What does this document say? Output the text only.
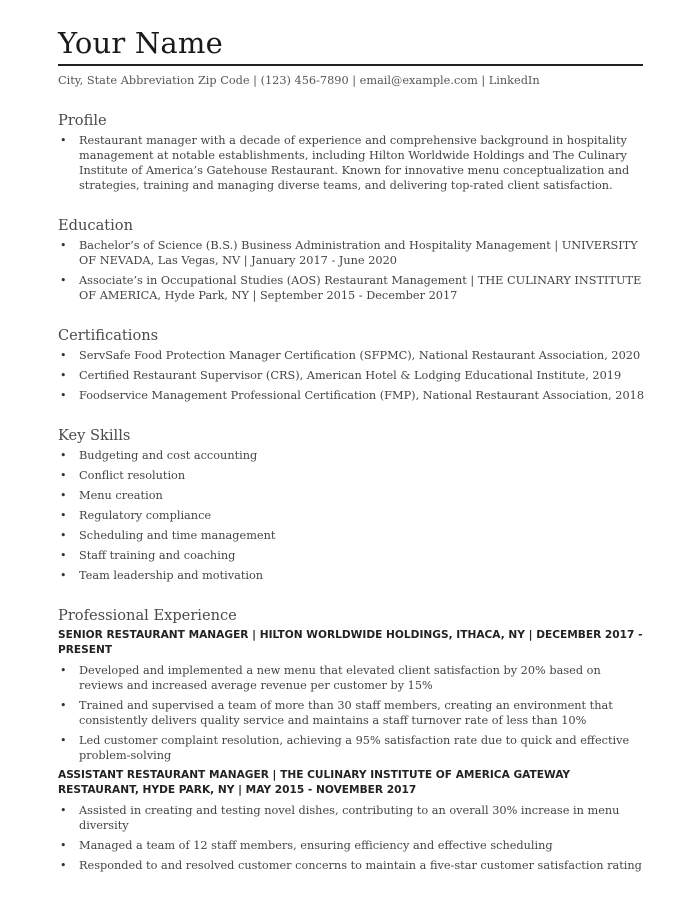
Your Name
City, State Abbreviation Zip Code | (123) 456-7890 | email@example.com | LinkedIn
Profile
• Restaurant manager with a decade of experience and comprehensive background in hospitality management at notable establishments, including Hilton Worldwide Holdings and The Culinary Institute of America’s Gatehouse Restaurant. Known for innovative menu conceptualization and strategies, training and managing diverse teams, and delivering top-rated client satisfaction.
Education
• Bachelor’s of Science (B.S.) Business Administration and Hospitality Management | UNIVERSITY OF NEVADA, Las Vegas, NV | January 2017 - June 2020
• Associate’s in Occupational Studies (AOS) Restaurant Management | THE CULINARY INSTITUTE OF AMERICA, Hyde Park, NY | September 2015 - December 2017
Certifications
• ServSafe Food Protection Manager Certification (SFPMC), National Restaurant Association, 2020
• Certified Restaurant Supervisor (CRS), American Hotel & Lodging Educational Institute, 2019
• Foodservice Management Professional Certification (FMP), National Restaurant Association, 2018
Key Skills
• Budgeting and cost accounting
• Conflict resolution
• Menu creation
• Regulatory compliance
• Scheduling and time management
• Staff training and coaching
• Team leadership and motivation
Professional Experience
SENIOR RESTAURANT MANAGER | HILTON WORLDWIDE HOLDINGS, ITHACA, NY | DECEMBER 2017 - PRESENT
• Developed and implemented a new menu that elevated client satisfaction by 20% based on reviews and increased average revenue per customer by 15%
• Trained and supervised a team of more than 30 staff members, creating an environment that consistently delivers quality service and maintains a staff turnover rate of less than 10%
• Led customer complaint resolution, achieving a 95% satisfaction rate due to quick and effective problem-solving
ASSISTANT RESTAURANT MANAGER | THE CULINARY INSTITUTE OF AMERICA GATEWAY RESTAURANT, HYDE PARK, NY | MAY 2015 - NOVEMBER 2017
• Assisted in creating and testing novel dishes, contributing to an overall 30% increase in menu diversity
• Managed a team of 12 staff members, ensuring efficiency and effective scheduling
• Responded to and resolved customer concerns to maintain a five-star customer satisfaction rating
